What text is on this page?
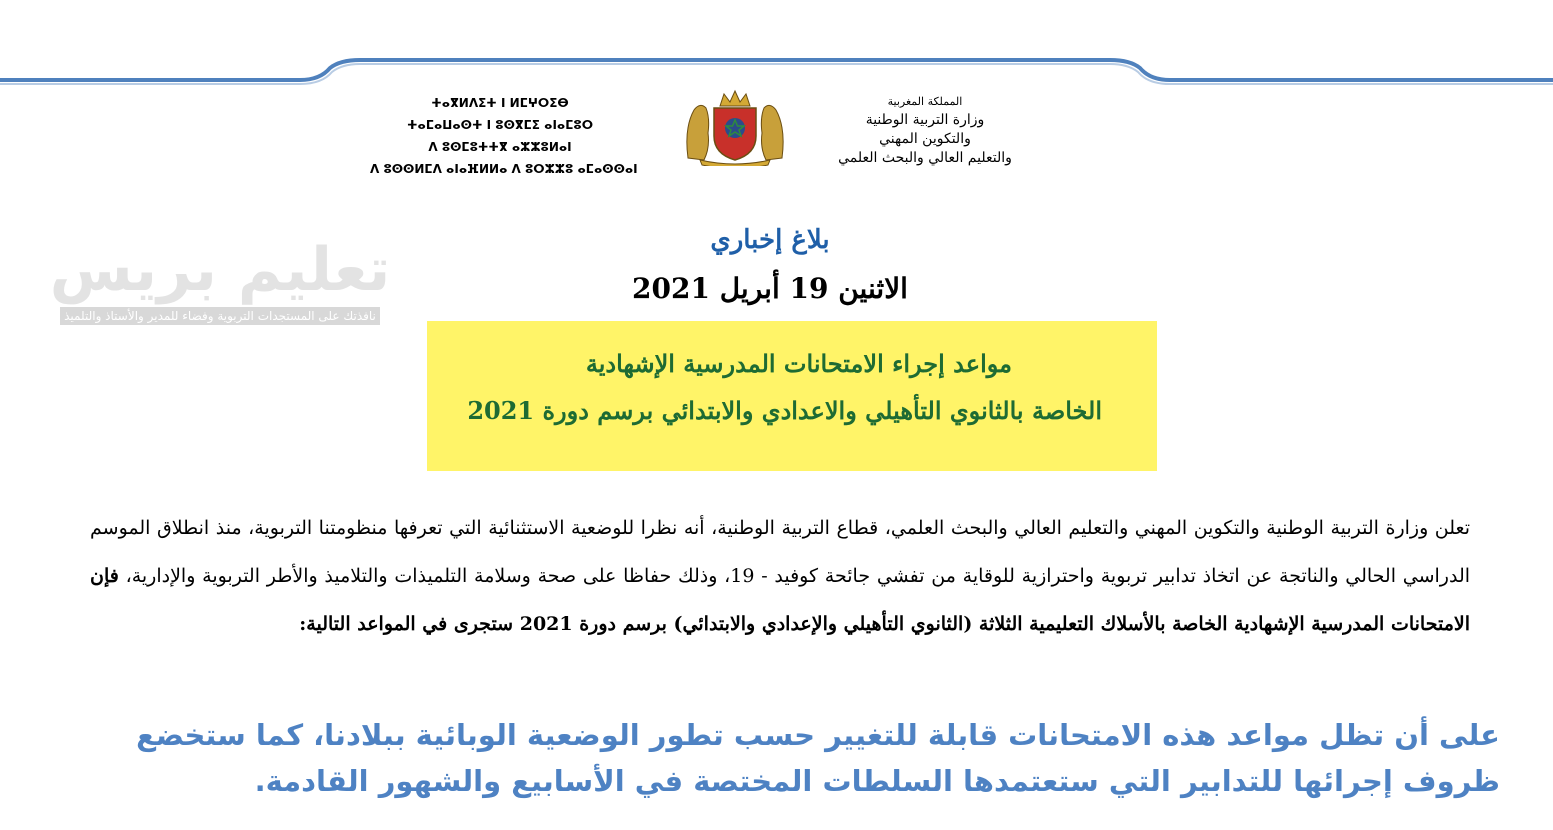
ⵜⴰⴳⵍⴷⵉⵜ ⵏ ⵍⵎⵖⵔⵉⴱ
ⵜⴰⵎⴰⵡⴰⵙⵜ ⵏ ⵓⵙⴳⵎⵉ ⴰⵏⴰⵎⵓⵔ
ⴷ ⵓⵙⵎⵓⵜⵜⴳ ⴰⵣⵣⵓⵍⴰⵏ
ⴷ ⵓⵙⵙⵍⵎⴷ ⴰⵏⴰⴼⵍⵍⴰ ⴷ ⵓⵔⵣⵣⵓ ⴰⵎⴰⵙⵙⴰⵏ
المملكة المغربية
وزارة التربية الوطنية
والتكوين المهني
والتعليم العالي والبحث العلمي
تعليم بريس
نافذتك على المستجدات التربوية وفضاء للمدير والأستاذ والتلميذ
بلاغ إخباري
الاثنين 19 أبريل 2021
مواعد إجراء الامتحانات المدرسية الإشهادية
الخاصة بالثانوي التأهيلي والاعدادي والابتدائي برسم دورة 2021
تعلن وزارة التربية الوطنية والتكوين المهني والتعليم العالي والبحث العلمي، قطاع التربية الوطنية، أنه نظرا للوضعية الاستثنائية التي تعرفها منظومتنا التربوية، منذ انطلاق الموسم الدراسي الحالي والناتجة عن اتخاذ تدابير تربوية واحترازية للوقاية من تفشي جائحة كوفيد - 19، وذلك حفاظا على صحة وسلامة التلميذات والتلاميذ والأطر التربوية والإدارية، فإن الامتحانات المدرسية الإشهادية الخاصة بالأسلاك التعليمية الثلاثة (الثانوي التأهيلي والإعدادي والابتدائي) برسم دورة 2021 ستجرى في المواعد التالية:
على أن تظل مواعد هذه الامتحانات قابلة للتغيير حسب تطور الوضعية الوبائية ببلادنا، كما ستخضع ظروف إجرائها للتدابير التي ستعتمدها السلطات المختصة في الأسابيع والشهور القادمة.
